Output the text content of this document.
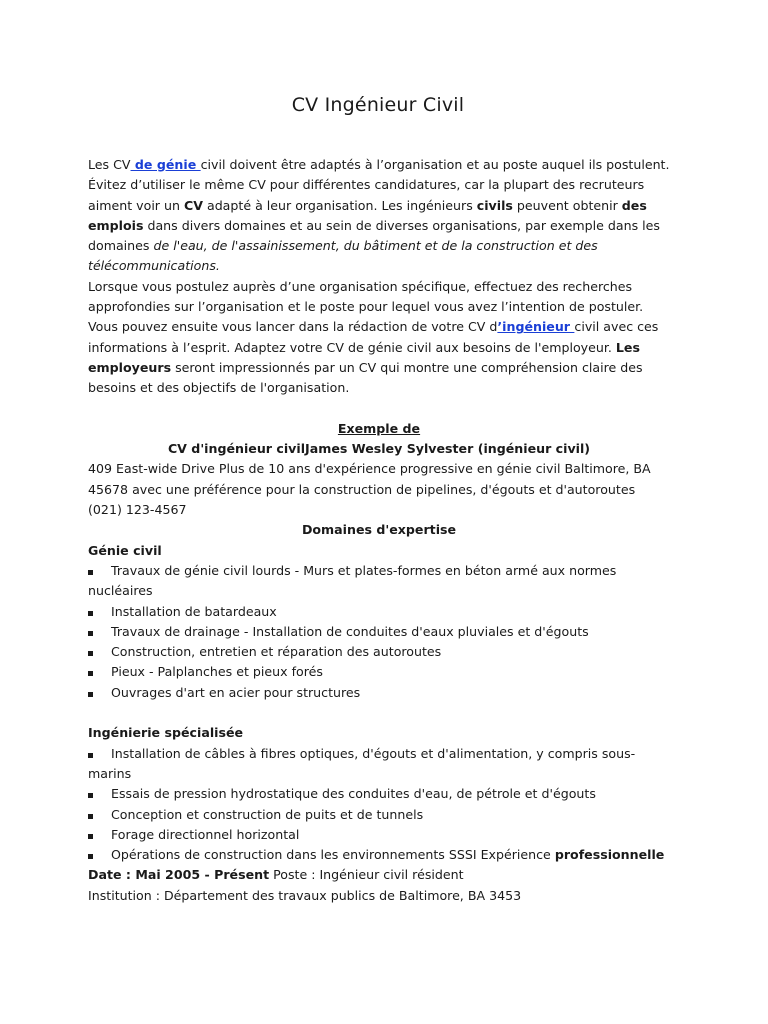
CV Ingénieur Civil

Les CV de génie civil doivent être adaptés à l’organisation et au poste auquel ils postulent. Évitez d’utiliser le même CV pour différentes candidatures, car la plupart des recruteurs aiment voir un CV adapté à leur organisation. Les ingénieurs civils peuvent obtenir des emplois dans divers domaines et au sein de diverses organisations, par exemple dans les domaines de l'eau, de l'assainissement, du bâtiment et de la construction et des télécommunications.

Lorsque vous postulez auprès d’une organisation spécifique, effectuez des recherches approfondies sur l’organisation et le poste pour lequel vous avez l’intention de postuler. Vous pouvez ensuite vous lancer dans la rédaction de votre CV d’ingénieur civil avec ces informations à l’esprit. Adaptez votre CV de génie civil aux besoins de l'employeur. Les employeurs seront impressionnés par un CV qui montre une compréhension claire des besoins et des objectifs de l'organisation.

Exemple de

CV d'ingénieur civilJames Wesley Sylvester (ingénieur civil)

409 East-wide Drive Plus de 10 ans d'expérience progressive en génie civil Baltimore, BA 45678 avec une préférence pour la construction de pipelines, d'égouts et d'autoroutes

(021) 123-4567

Domaines d'expertise

Génie civil

Travaux de génie civil lourds - Murs et plates-formes en béton armé aux normes nucléaires
Installation de batardeaux
Travaux de drainage - Installation de conduites d'eaux pluviales et d'égouts
Construction, entretien et réparation des autoroutes
Pieux - Palplanches et pieux forés
Ouvrages d'art en acier pour structures

Ingénierie spécialisée

Installation de câbles à fibres optiques, d'égouts et d'alimentation, y compris sous-marins
Essais de pression hydrostatique des conduites d'eau, de pétrole et d'égouts
Conception et construction de puits et de tunnels
Forage directionnel horizontal
Opérations de construction dans les environnements SSSI Expérience professionnelle

Date : Mai 2005 - Présent Poste : Ingénieur civil résident

Institution : Département des travaux publics de Baltimore, BA 3453
